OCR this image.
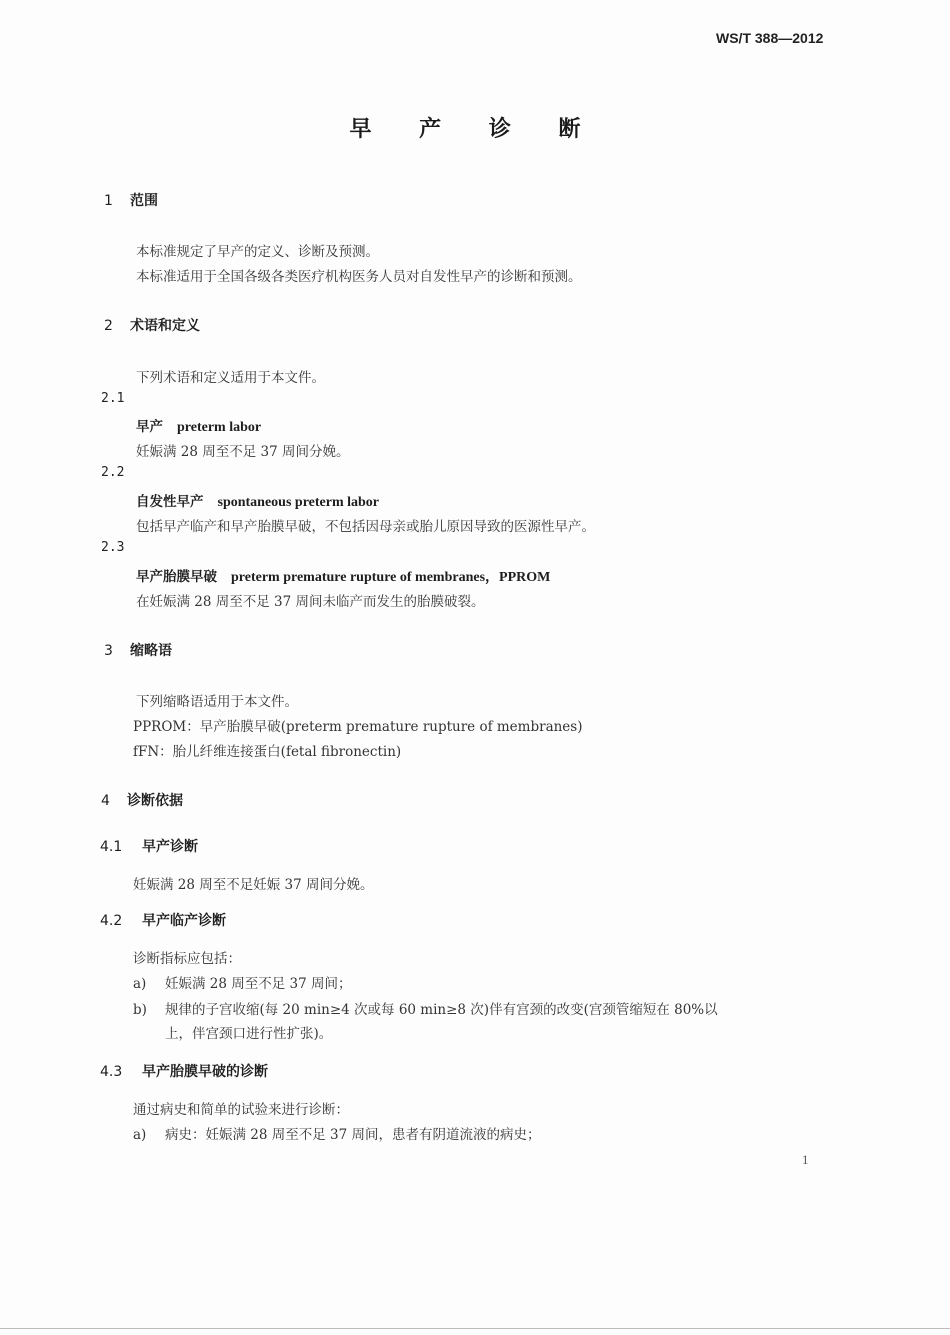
WS/T 388—2012
早 产 诊 断
1 范围
本标准规定了早产的定义、诊断及预测。
本标准适用于全国各级各类医疗机构医务人员对自发性早产的诊断和预测。
2 术语和定义
下列术语和定义适用于本文件。
2.1
早产 preterm labor
妊娠满 28 周至不足 37 周间分娩。
2.2
自发性早产 spontaneous preterm labor
包括早产临产和早产胎膜早破，不包括因母亲或胎儿原因导致的医源性早产。
2.3
早产胎膜早破 preterm premature rupture of membranes，PPROM
在妊娠满 28 周至不足 37 周间未临产而发生的胎膜破裂。
3 缩略语
下列缩略语适用于本文件。
PPROM：早产胎膜早破(preterm premature rupture of membranes)
fFN：胎儿纤维连接蛋白(fetal fibronectin)
4 诊断依据
4.1 早产诊断
妊娠满 28 周至不足妊娠 37 周间分娩。
4.2 早产临产诊断
诊断指标应包括：
a) 妊娠满 28 周至不足 37 周间；
b) 规律的子宫收缩(每 20 min≥4 次或每 60 min≥8 次)伴有宫颈的改变(宫颈管缩短在 80%以
上，伴宫颈口进行性扩张)。
4.3 早产胎膜早破的诊断
通过病史和简单的试验来进行诊断：
a) 病史：妊娠满 28 周至不足 37 周间，患者有阴道流液的病史；
1
